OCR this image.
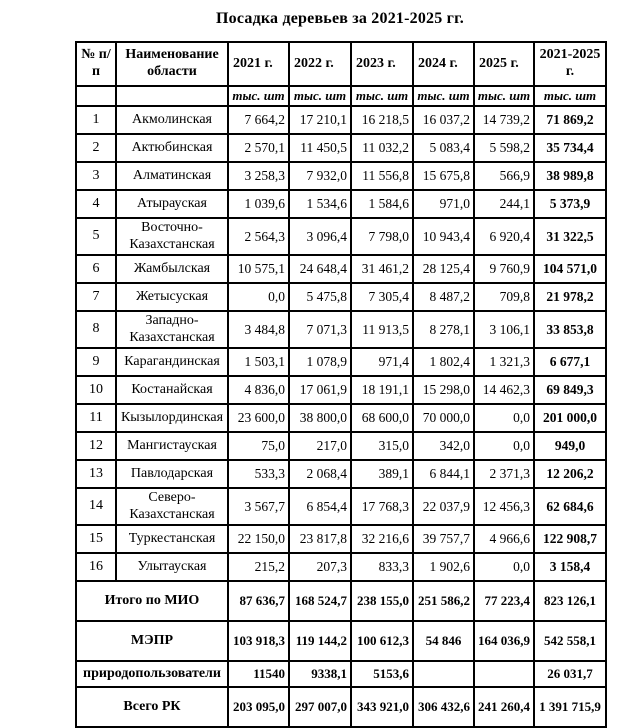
Посадка деревьев за 2021-2025 гг.
№ п/п	Наименование области	2021 г.	2022 г.	2023 г.	2024 г.	2025 г.	2021-2025 г.
		тыс. шт	тыс. шт	тыс. шт	тыс. шт	тыс. шт	тыс. шт
1	Акмолинская	7 664,2	17 210,1	16 218,5	16 037,2	14 739,2	71 869,2
2	Актюбинская	2 570,1	11 450,5	11 032,2	5 083,4	5 598,2	35 734,4
3	Алматинская	3 258,3	7 932,0	11 556,8	15 675,8	566,9	38 989,8
4	Атырауская	1 039,6	1 534,6	1 584,6	971,0	244,1	5 373,9
5	Восточно-Казахстанская	2 564,3	3 096,4	7 798,0	10 943,4	6 920,4	31 322,5
6	Жамбылская	10 575,1	24 648,4	31 461,2	28 125,4	9 760,9	104 571,0
7	Жетысуская	0,0	5 475,8	7 305,4	8 487,2	709,8	21 978,2
8	Западно-Казахстанская	3 484,8	7 071,3	11 913,5	8 278,1	3 106,1	33 853,8
9	Карагандинская	1 503,1	1 078,9	971,4	1 802,4	1 321,3	6 677,1
10	Костанайская	4 836,0	17 061,9	18 191,1	15 298,0	14 462,3	69 849,3
11	Кызылординская	23 600,0	38 800,0	68 600,0	70 000,0	0,0	201 000,0
12	Мангистауская	75,0	217,0	315,0	342,0	0,0	949,0
13	Павлодарская	533,3	2 068,4	389,1	6 844,1	2 371,3	12 206,2
14	Северо-Казахстанская	3 567,7	6 854,4	17 768,3	22 037,9	12 456,3	62 684,6
15	Туркестанская	22 150,0	23 817,8	32 216,6	39 757,7	4 966,6	122 908,7
16	Улытауская	215,2	207,3	833,3	1 902,6	0,0	3 158,4
Итого по МИО		87 636,7	168 524,7	238 155,0	251 586,2	77 223,4	823 126,1
МЭПР		103 918,3	119 144,2	100 612,3	54 846	164 036,9	542 558,1
природопользователи		11540	9338,1	5153,6			26 031,7
Всего РК		203 095,0	297 007,0	343 921,0	306 432,6	241 260,4	1 391 715,9
